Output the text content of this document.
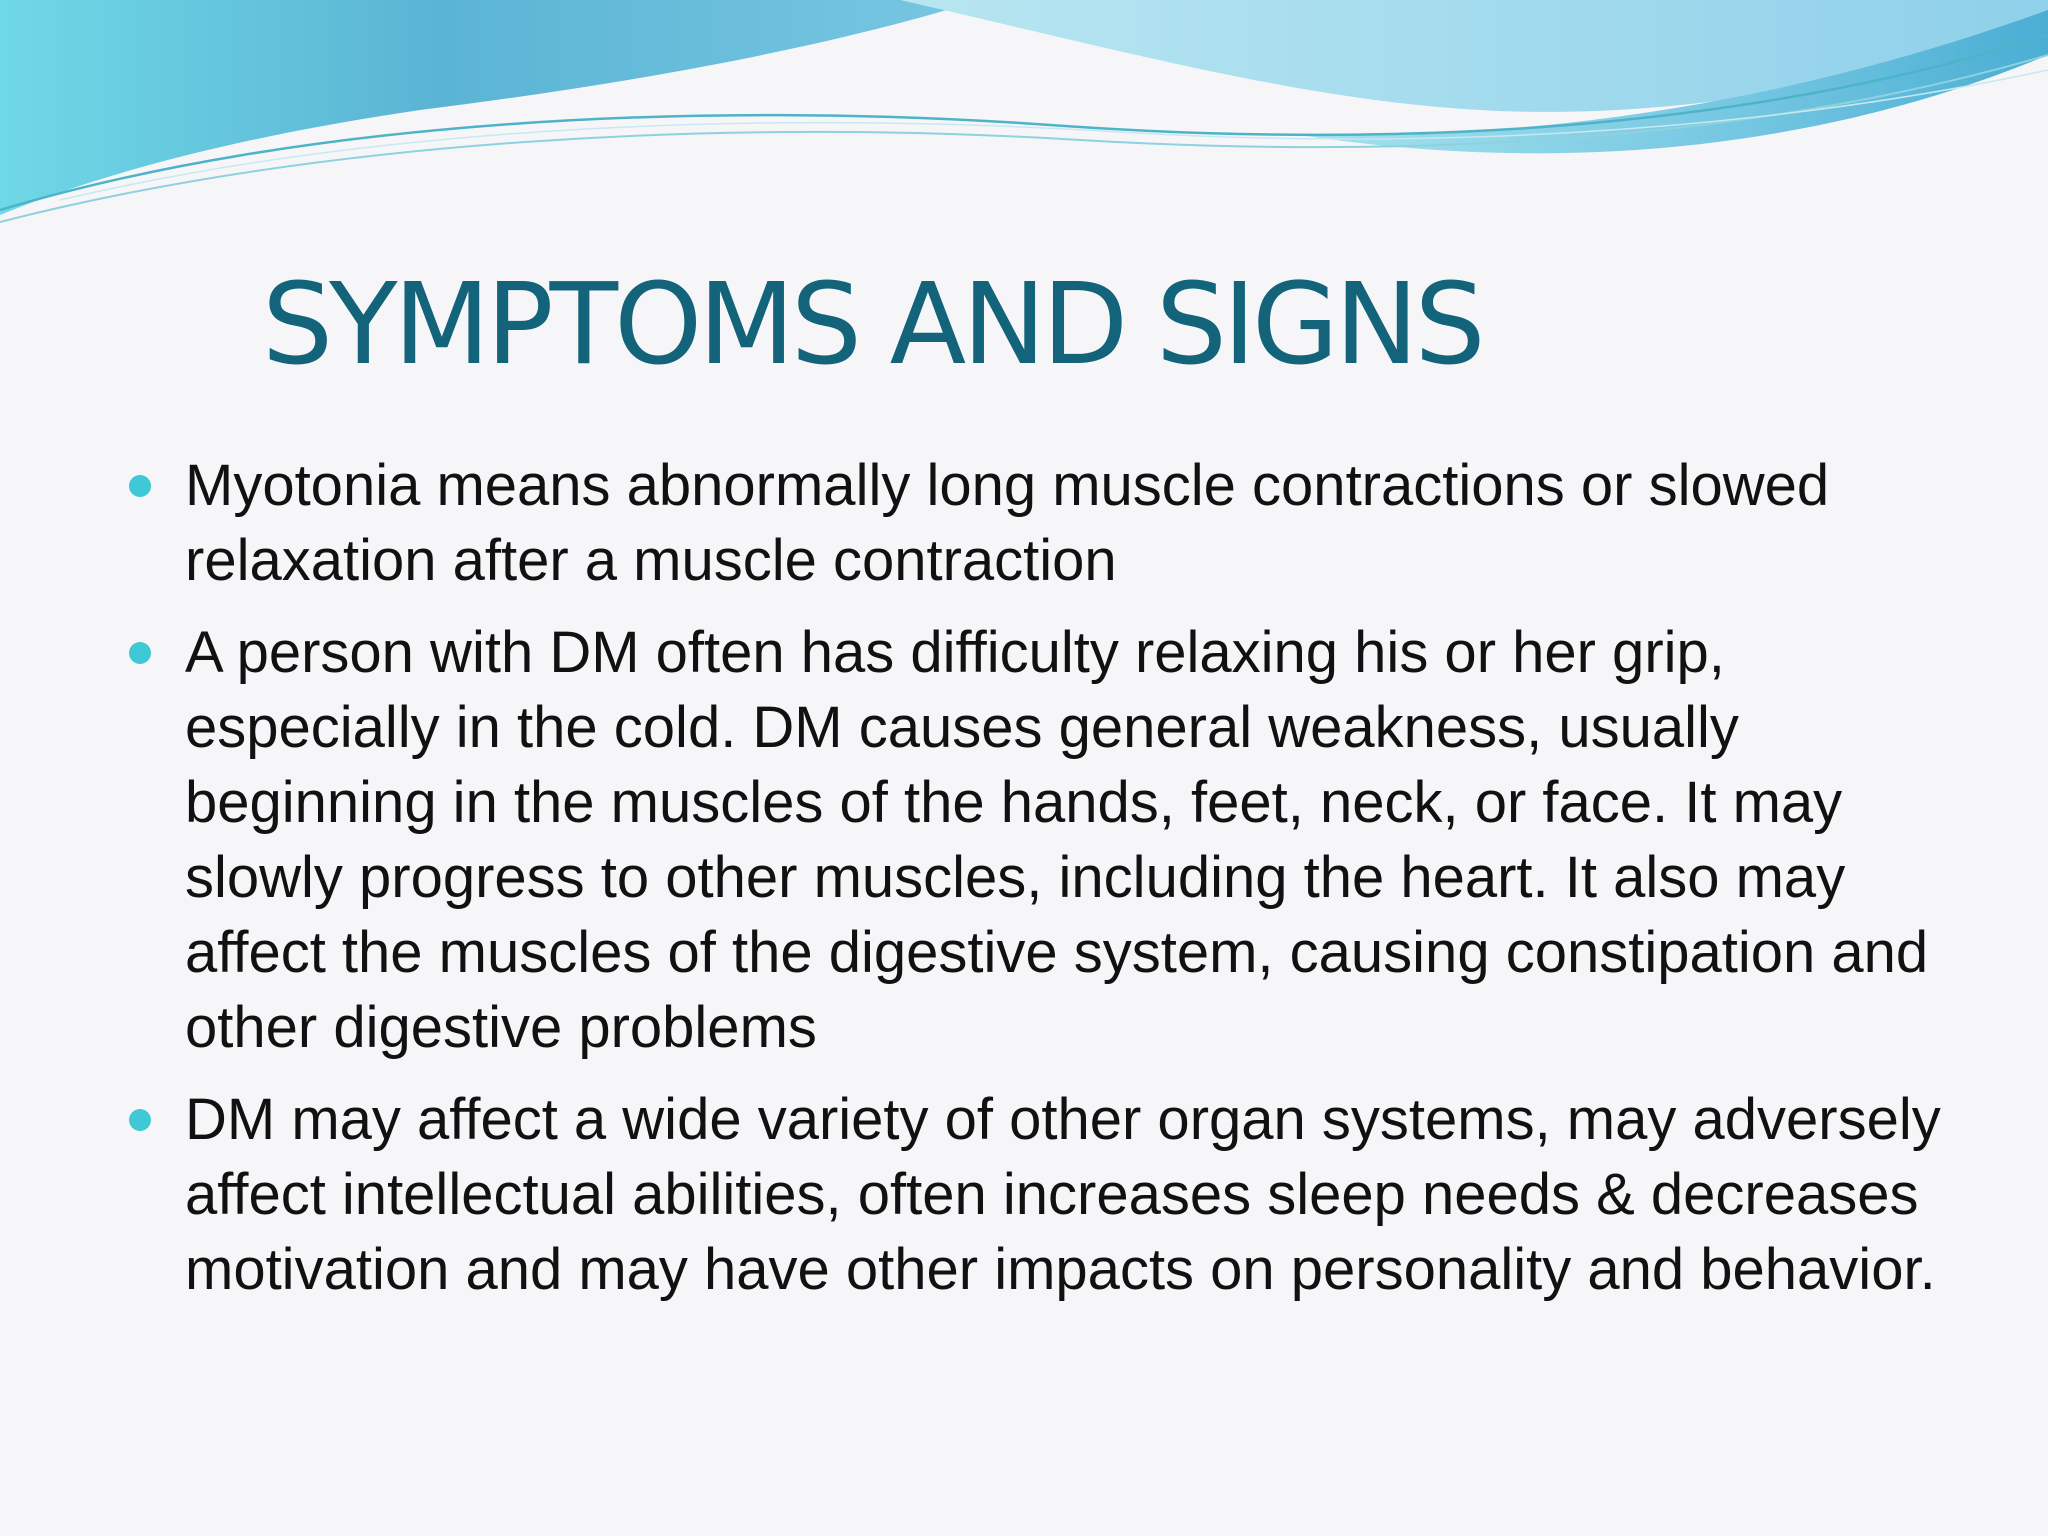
SYMPTOMS AND SIGNS
Myotonia means abnormally long muscle contractions or slowed relaxation after a muscle contraction
A person with DM often has difficulty relaxing his or her grip, especially in the cold. DM causes general weakness, usually beginning in the muscles of the hands, feet, neck, or face. It may slowly progress to other muscles, including the heart. It also may affect the muscles of the digestive system, causing constipation and other digestive problems
DM may affect a wide variety of other organ systems, may adversely affect intellectual abilities, often increases sleep needs & decreases motivation and may have other impacts on personality and behavior.
